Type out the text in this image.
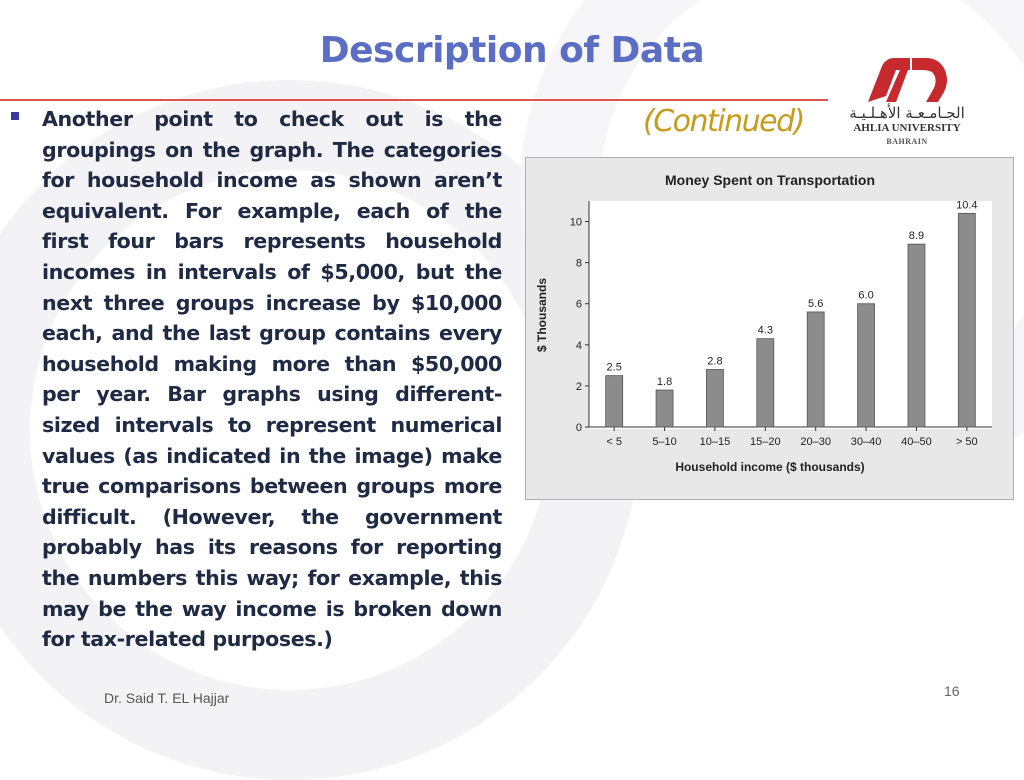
Description of Data
(Continued)	الجـامـعـة الأهـلـيـة
AHLIA UNIVERSITY
BAHRAIN
Another point to check out is the groupings on the graph. The categories for household income as shown aren’t equivalent. For example, each of the first four bars represents household incomes in intervals of $5,000, but the next three groups increase by $10,000 each, and the last group contains every household making more than $50,000 per year. Bar graphs using different-sized intervals to represent numerical values (as indicated in the image) make true comparisons between groups more difficult. (However, the government probably has its reasons for reporting the numbers this way; for example, this may be the way income is broken down for tax-related purposes.)
Money Spent on Transportation
$ Thousands
Household income ($ thousands)
0
2
4
6
8
10
2.5
< 5
1.8
5–10
2.8
10–15
4.3
15–20
5.6
20–30
6.0
30–40
8.9
40–50
10.4
> 50
Dr. Said T. EL Hajjar	16
